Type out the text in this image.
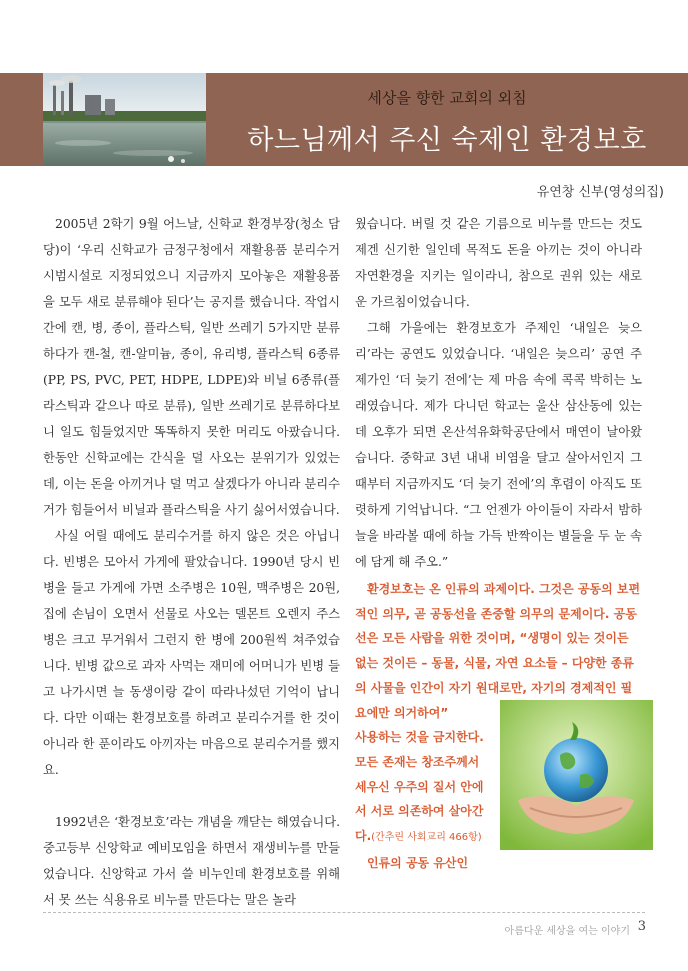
세상을 향한 교회의 외침
하느님께서 주신 숙제인 환경보호
유연창 신부(영성의집)

2005년 2학기 9월 어느날, 신학교 환경부장(청소 담당)이 ‘우리 신학교가 금정구청에서 재활용품 분리수거 시범시설로 지정되었으니 지금까지 모아놓은 재활용품을 모두 새로 분류해야 된다’는 공지를 했습니다. 작업시간에 캔, 병, 종이, 플라스틱, 일반 쓰레기 5가지만 분류하다가 캔-철, 캔-알미늄, 종이, 유리병, 플라스틱 6종류(PP, PS, PVC, PET, HDPE, LDPE)와 비닐 6종류(플라스틱과 같으나 따로 분류), 일반 쓰레기로 분류하다보니 일도 힘들었지만 똑똑하지 못한 머리도 아팠습니다. 한동안 신학교에는 간식을 덜 사오는 분위기가 있었는데, 이는 돈을 아끼거나 덜 먹고 살겠다가 아니라 분리수거가 힘들어서 비닐과 플라스틱을 사기 싫어서였습니다.

사실 어릴 때에도 분리수거를 하지 않은 것은 아닙니다. 빈병은 모아서 가게에 팔았습니다. 1990년 당시 빈병을 들고 가게에 가면 소주병은 10원, 맥주병은 20원, 집에 손님이 오면서 선물로 사오는 델몬트 오렌지 주스 병은 크고 무거워서 그런지 한 병에 200원씩 쳐주었습니다. 빈병 값으로 과자 사먹는 재미에 어머니가 빈병 들고 나가시면 늘 동생이랑 같이 따라나섰던 기억이 납니다. 다만 이때는 환경보호를 하려고 분리수거를 한 것이 아니라 한 푼이라도 아끼자는 마음으로 분리수거를 했지요.

1992년은 ‘환경보호’라는 개념을 깨닫는 해였습니다. 중고등부 신앙학교 예비모임을 하면서 재생비누를 만들었습니다. 신앙학교 가서 쓸 비누인데 환경보호를 위해서 못 쓰는 식용유로 비누를 만든다는 말은 놀라

웠습니다. 버릴 것 같은 기름으로 비누를 만드는 것도 제겐 신기한 일인데 목적도 돈을 아끼는 것이 아니라 자연환경을 지키는 일이라니, 참으로 권위 있는 새로운 가르침이었습니다.

그해 가을에는 환경보호가 주제인 ‘내일은 늦으리’라는 공연도 있었습니다. ‘내일은 늦으리’ 공연 주제가인 ‘더 늦기 전에’는 제 마음 속에 콕콕 박히는 노래였습니다. 제가 다니던 학교는 울산 삼산동에 있는데 오후가 되면 온산석유화학공단에서 매연이 날아왔습니다. 중학교 3년 내내 비염을 달고 살아서인지 그때부터 지금까지도 ‘더 늦기 전에’의 후렴이 아직도 또렷하게 기억납니다. “그 언젠가 아이들이 자라서 밤하늘을 바라볼 때에 하늘 가득 반짝이는 별들을 두 눈 속에 담게 해 주오.”

환경보호는 온 인류의 과제이다. 그것은 공동의 보편적인 의무, 곧 공동선을 존중할 의무의 문제이다. 공동선은 모든 사람을 위한 것이며, “생명이 있는 것이든 없는 것이든 – 동물, 식물, 자연 요소들 – 다양한 종류의 사물을 인간이 자기 원대로만, 자기의 경제적인 필요에만 의거하여”

사용하는 것을 금지한다. 모든 존재는 창조주께서 세우신 우주의 질서 안에서 서로 의존하여 살아간다.(간추린 사회교리 466항)
인류의 공동 유산인
아름다운 세상을 여는 이야기 3
